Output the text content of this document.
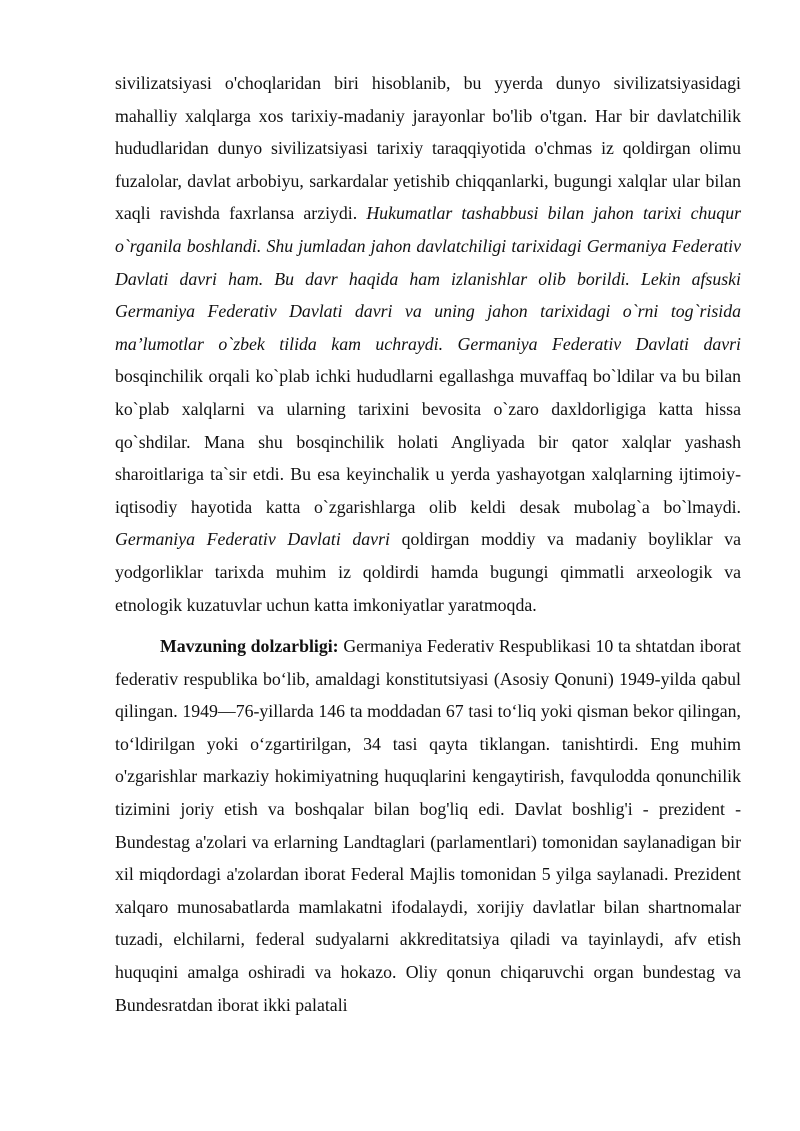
sivilizatsiyasi o'choqlaridan biri hisoblanib, bu yyerda dunyo sivilizatsiyasidagi mahalliy xalqlarga xos tarixiy-madaniy jarayonlar bo'lib o'tgan. Har bir davlatchilik hududlaridan dunyo sivilizatsiyasi tarixiy taraqqiyotida o'chmas iz qoldirgan olimu fuzalolar, davlat arbobiyu, sarkardalar yetishib chiqqanlarki, bugungi xalqlar ular bilan xaqli ravishda faxrlansa arziydi. Hukumatlar tashabbusi bilan jahon tarixi chuqur o`rganila boshlandi. Shu jumladan jahon davlatchiligi tarixidagi Germaniya Federativ Davlati davri ham. Bu davr haqida ham izlanishlar olib borildi. Lekin afsuski Germaniya Federativ Davlati davri va uning jahon tarixidagi o`rni tog`risida ma’lumotlar o`zbek tilida kam uchraydi. Germaniya Federativ Davlati davri bosqinchilik orqali ko`plab ichki hududlarni egallashga muvaffaq bo`ldilar va bu bilan ko`plab xalqlarni va ularning tarixini bevosita o`zaro daxldorligiga katta hissa qo`shdilar. Mana shu bosqinchilik holati Angliyada bir qator xalqlar yashash sharoitlariga ta`sir etdi. Bu esa keyinchalik u yerda yashayotgan xalqlarning ijtimoiy-iqtisodiy hayotida katta o`zgarishlarga olib keldi desak mubolag`a bo`lmaydi. Germaniya Federativ Davlati davri qoldirgan moddiy va madaniy boyliklar va yodgorliklar tarixda muhim iz qoldirdi hamda bugungi qimmatli arxeologik va etnologik kuzatuvlar uchun katta imkoniyatlar yaratmoqda.

Mavzuning dolzarbligi: Germaniya Federativ Respublikasi 10 ta shtatdan iborat federativ respublika bo‘lib, amaldagi konstitutsiyasi (Asosiy Qonuni) 1949-yilda qabul qilingan. 1949—76-yillarda 146 ta moddadan 67 tasi to‘liq yoki qisman bekor qilingan, to‘ldirilgan yoki o‘zgartirilgan, 34 tasi qayta tiklangan. tanishtirdi. Eng muhim o'zgarishlar markaziy hokimiyatning huquqlarini kengaytirish, favqulodda qonunchilik tizimini joriy etish va boshqalar bilan bog'liq edi. Davlat boshlig'i - prezident - Bundestag a'zolari va erlarning Landtaglari (parlamentlari) tomonidan saylanadigan bir xil miqdordagi a'zolardan iborat Federal Majlis tomonidan 5 yilga saylanadi. Prezident xalqaro munosabatlarda mamlakatni ifodalaydi, xorijiy davlatlar bilan shartnomalar tuzadi, elchilarni, federal sudyalarni akkreditatsiya qiladi va tayinlaydi, afv etish huquqini amalga oshiradi va hokazo. Oliy qonun chiqaruvchi organ bundestag va Bundesratdan iborat ikki palatali
